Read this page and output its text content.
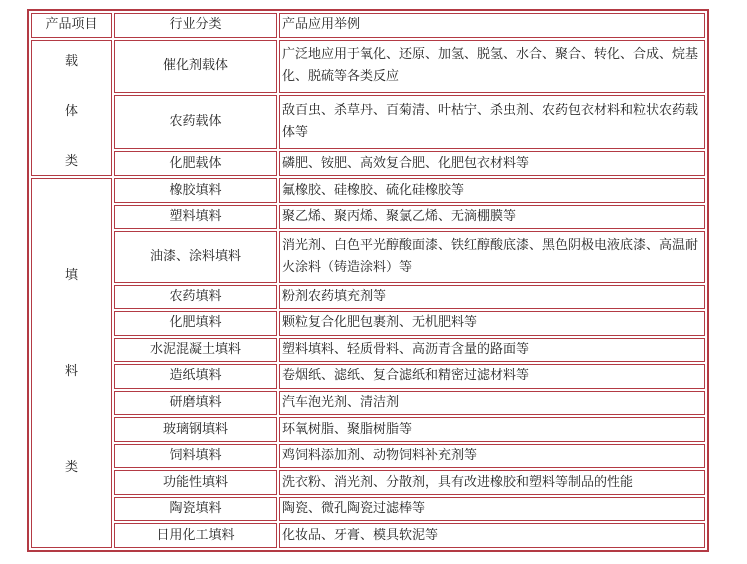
产品项目	行业分类	产品应用举例

载
体
类	催化剂载体	广泛地应用于氧化、还原、加氢、脱氢、水合、聚合、转化、合成、烷基化、脱硫等各类反应
	农药载体	敌百虫、杀草丹、百菊清、叶枯宁、杀虫剂、农药包衣材料和粒状农药载体等
	化肥载体	磷肥、铵肥、高效复合肥、化肥包衣材料等

填
料
类	橡胶填料	氟橡胶、硅橡胶、硫化硅橡胶等
	塑料填料	聚乙烯、聚丙烯、聚氯乙烯、无滴棚膜等
	油漆、涂料填料	消光剂、白色平光醇酸面漆、铁红醇酸底漆、黑色阴极电液底漆、高温耐火涂料（铸造涂料）等
	农药填料	粉剂农药填充剂等
	化肥填料	颗粒复合化肥包裹剂、无机肥料等
	水泥混凝土填料	塑料填料、轻质骨料、高沥青含量的路面等
	造纸填料	卷烟纸、滤纸、复合滤纸和精密过滤材料等
	研磨填料	汽车泡光剂、清洁剂
	玻璃钢填料	环氧树脂、聚脂树脂等
	饲料填料	鸡饲料添加剂、动物饲料补充剂等
	功能性填料	洗衣粉、消光剂、分散剂，具有改进橡胶和塑料等制品的性能
	陶瓷填料	陶瓷、微孔陶瓷过滤棒等
	日用化工填料	化妆品、牙膏、模具软泥等
